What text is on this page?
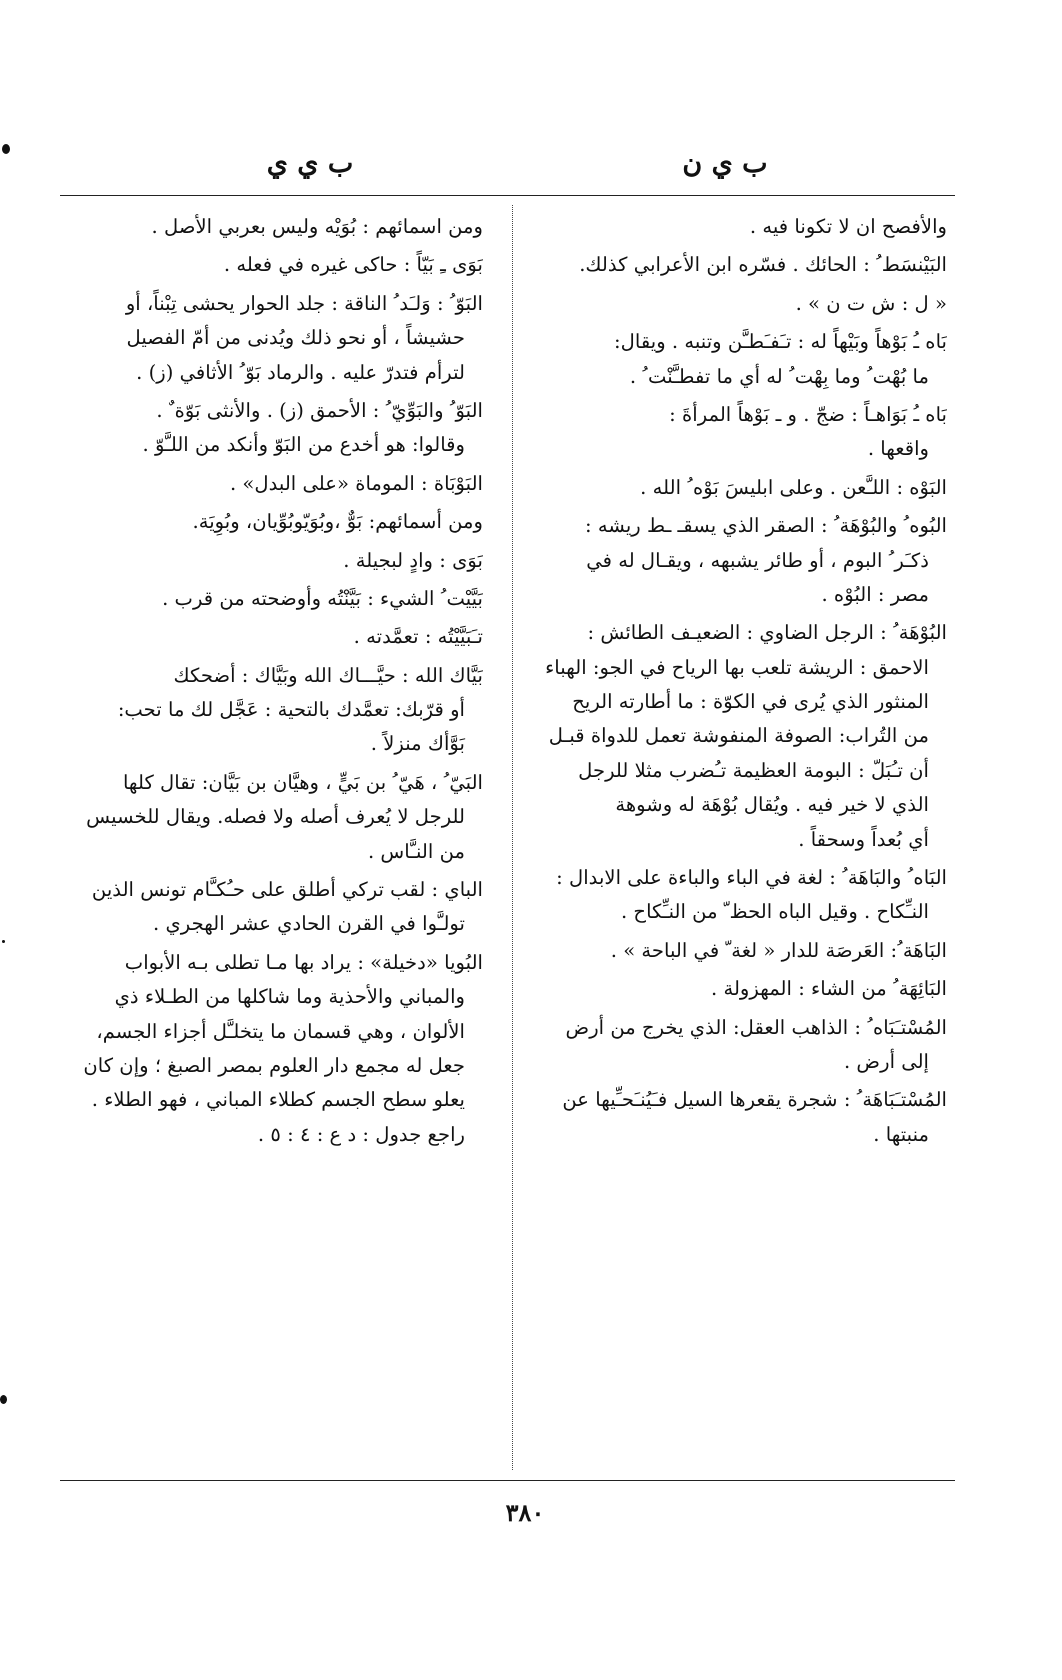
ب ي ن
ب ي ي
والأفصح ان لا تكونا فيه .
البَيْنسَط ُ : الحائك . فسّره ابن الأعرابي كذلك.
« ل : ش ت ن » .
بَاه ـُ بَوْهاً وبَيْهاً له : تـَفـَطـَّن وتنبه . ويقال:
ما بُهْت ُ وما بِهْت ُ له أي ما تفطـَّنْت ُ .
بَاه ـُ بَوَاهـاً : ضجّ . و ـ بَوْهاً المرأةَ :
واقعها .
البَوْه : اللـَّعن . وعلى ابليسَ بَوْه ُ الله .
البُوه ُ والبُوْهَة ُ : الصقر الذي يسقـ ـط ريشه :
ذكـَر ُ البوم ، أو طائر يشبهه ، ويقـال له في
مصر : البُوْه .
البُوْهَة ُ : الرجل الضاوي : الضعيـف الطائش :
الاحمق : الريشة تلعب بها الرياح في الجو: الهباء
المنثور الذي يُرى في الكوّة : ما أطارته الريح
من التُراب: الصوفة المنفوشة تعمل للدواة قبـل
أن تـُبَلّ : البومة العظيمة تـُضرب مثلا للرجل
الذي لا خير فيه . ويُقال بُوْهَة له وشوهة
أي بُعداً وسحقاً .
البَاه ُ والبَاهَة ُ : لغة في الباء والباءة على الابدال :
النـِّكاح . وقيل الباه الحظ ّ من النـِّكاح .
البَاهَة ُ: العَرصَة للدار « لغة ّ في الباحة » .
البَائِهَة ُ من الشاء : المهزولة .
المُسْتـَبَاه ُ : الذاهب العقل: الذي يخرج من أرض
إلى أرض .
المُسْتـَبَاهَة ُ : شجرة يقعرها السيل فـَيُنـَحـِّيها عن
منبتها .
ومن اسمائهم : بُوَيْه وليس بعربي الأصل .
بَوَى ـِ بَيّاً : حاكى غيره في فعله .
البَوّ ُ : وَلـَد ُ الناقة : جلد الحوار يحشى تِبْناً، أو
حشيشاً ، أو نحو ذلك ويُدنى من أمّ الفصيل
لترأم فتدرّ عليه . والرماد بَوّ ُ الأثافي (ز) .
البَوّ ُ والبَوِّيّ ُ : الأحمق (ز) . والأنثى بَوّة ٌ .
وقالوا: هو أخدع من البَوّ وأنكد من اللـَّوّ .
البَوْبَاة : الموماة «على البدل» .
ومن أسمائهم: بَوٌّ ،وبُوَيّوبُوِّيان، وبُوِيَة.
بَوَى : وادٍ لبجيلة .
بَيَّيْت ُ الشيء : بَيَّنْتُه وأوضحته من قرب .
تـَبَيَّيْتُه : تعمَّدته .
بَيَّاك الله : حيَّـــاك الله وبَيَّاك : أضحكك
أو قرّبك: تعمَّدك بالتحية : عَجَّل لك ما تحب:
بَوَّأك منزلاً .
البَيّ ُ ، هَيّ ُ بن بَيٍّ ، وهيَّان بن بَيَّان: تقال كلها
للرجل لا يُعرف أصله ولا فصله. ويقال للخسيس
من النـَّاس .
الباي : لقب تركي أطلق على حـُكـَّام تونس الذين
تولـَّوا في القرن الحادي عشر الهجري .
البُويا «دخيلة» : يراد بها مـا تطلى بـه الأبواب
والمباني والأحذية وما شاكلها من الطـلاء ذي
الألوان ، وهي قسمان ما يتخلـَّل أجزاء الجسم،
جعل له مجمع دار العلوم بمصر الصبغ ؛ وإن كان
يعلو سطح الجسم كطلاء المباني ، فهو الطلاء .
راجع جدول : د ع : ٤ : ٥ .
٣٨٠
